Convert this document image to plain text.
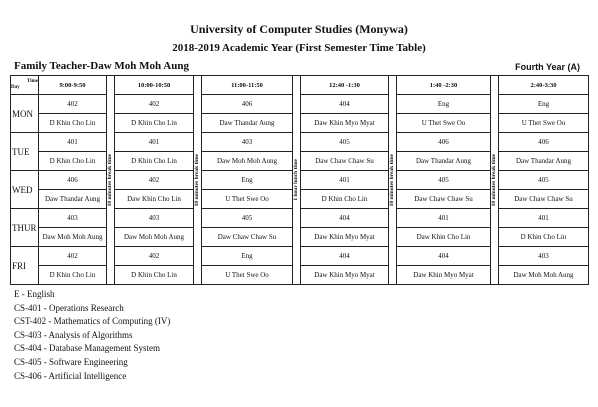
University of Computer Studies (Monywa)
2018-2019 Academic Year (First Semester Time Table)
Family Teacher-Daw Moh Moh Aung	Fourth Year (A)
Time
Day	9:00-9:50	10 minutes break time	10:00-10:50	10 minutes break time	11:00-11:50	1 hour lunch time	12:40 -1:30	10 minutes break time	1:40 -2:30	10 minutes break time	2:40-3:30
MON	402		402		406		404		Eng		Eng
	D Khin Cho Lin		D Khin Cho Lin		Daw Thandar Aung		Daw Khin Myo Myat		U Thet Swe Oo		U Thet Swe Oo
TUE	401		401		403		405		406		406
	D Khin Cho Lin		D Khin Cho Lin		Daw Moh Moh Aung		Daw Chaw Chaw Su		Daw Thandar Aung		Daw Thandar Aung
WED	406		402		Eng		401		405		405
	Daw Thandar Aung		Daw Khin Cho Lin		U Thet Swe Oo		D Khin Cho Lin		Daw Chaw Chaw Su		Daw Chaw Chaw Su
THUR	403		403		405		404		401		401
	Daw Moh Moh Aung		Daw Moh Moh Aung		Daw Chaw Chaw Su		Daw Khin Myo Myat		Daw Khin Cho Lin		D Khin Cho Lin
FRI	402		402		Eng		404		404		403
	D Khin Cho Lin		D Khin Cho Lin		U Thet Swe Oo		Daw Khin Myo Myat		Daw Khin Myo Myat		Daw Moh Moh Aung
E - English
CS-401 - Operations Research
CST-402 - Mathematics of Computing (IV)
CS-403 - Analysis of Algorithms
CS-404 - Database Management System
CS-405 - Software Engineering
CS-406 - Artificial Intelligence
